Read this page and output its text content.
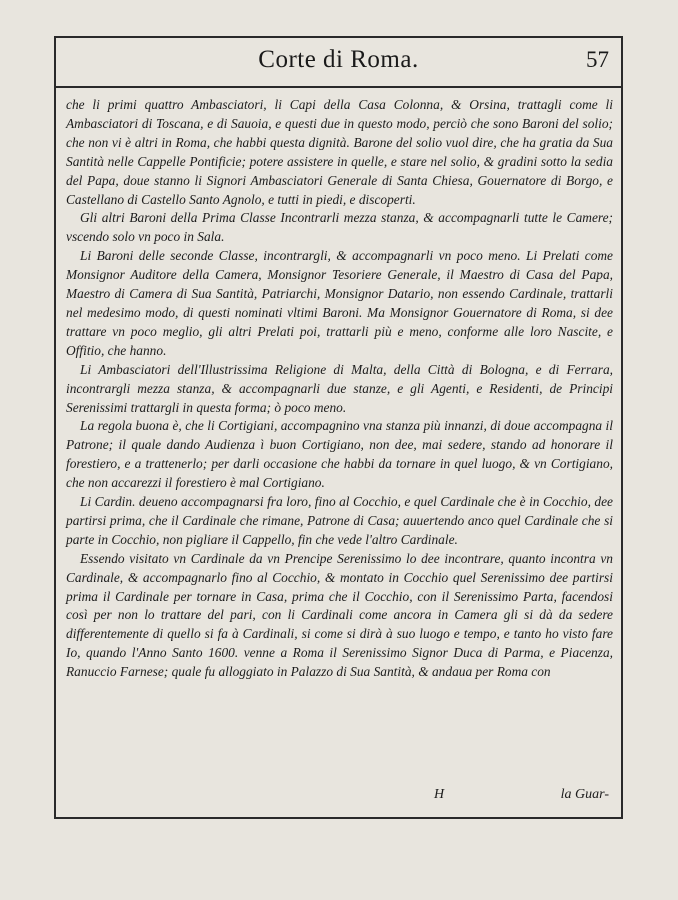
Corte di Roma.	57

che li primi quattro Ambasciatori, li Capi della Casa Colonna, & Orsina, trattagli come li Ambasciatori di Toscana, e di Sauoia, e questi due in questo modo, perciò che sono Baroni del solio; che non vi è altri in Roma, che habbi questa dignità. Barone del solio vuol dire, che ha gratia da Sua Santità nelle Cappelle Pontificie; potere assistere in quelle, e stare nel solio, & gradini sotto la sedia del Papa, doue stanno li Signori Ambasciatori Generale di Santa Chiesa, Gouernatore di Borgo, e Castellano di Castello Santo Agnolo, e tutti in piedi, e discoperti.

Gli altri Baroni della Prima Classe Incontrarli mezza stanza, & accompagnarli tutte le Camere; vscendo solo vn poco in Sala.

Li Baroni delle seconde Classe, incontrargli, & accompagnarli vn poco meno. Li Prelati come Monsignor Auditore della Camera, Monsignor Tesoriere Generale, il Maestro di Casa del Papa, Maestro di Camera di Sua Santità, Patriarchi, Monsignor Datario, non essendo Cardinale, trattarli nel medesimo modo, di questi nominati vltimi Baroni. Ma Monsignor Gouernatore di Roma, si dee trattare vn poco meglio, gli altri Prelati poi, trattarli più e meno, conforme alle loro Nascite, e Offitio, che hanno.

Li Ambasciatori dell'Illustrissima Religione di Malta, della Città di Bologna, e di Ferrara, incontrargli mezza stanza, & accompagnarli due stanze, e gli Agenti, e Residenti, de Principi Serenissimi trattargli in questa forma; ò poco meno.

La regola buona è, che li Cortigiani, accompagnino vna stanza più innanzi, di doue accompagna il Patrone; il quale dando Audienza ì buon Cortigiano, non dee, mai sedere, stando ad honorare il forestiero, e a trattenerlo; per darli occasione che habbi da tornare in quel luogo, & vn Cortigiano, che non accarezzi il forestiero è mal Cortigiano.

Li Cardin. deueno accompagnarsi fra loro, fino al Cocchio, e quel Cardinale che è in Cocchio, dee partirsi prima, che il Cardinale che rimane, Patrone di Casa; auuertendo anco quel Cardinale che si parte in Cocchio, non pigliare il Cappello, fin che vede l'altro Cardinale.

Essendo visitato vn Cardinale da vn Prencipe Serenissimo lo dee incontrare, quanto incontra vn Cardinale, & accompagnarlo fino al Cocchio, & montato in Cocchio quel Serenissimo dee partirsi prima il Cardinale per tornare in Casa, prima che il Cocchio, con il Serenissimo Parta, facendosi così per non lo trattare del pari, con li Cardinali come ancora in Camera gli si dà da sedere differentemente di quello si fa à Cardinali, si come si dirà à suo luogo e tempo, e tanto ho visto fare Io, quando l'Anno Santo 1600. venne a Roma il Serenissimo Signor Duca di Parma, e Piacenza, Ranuccio Farnese; quale fu alloggiato in Palazzo di Sua Santità, & andaua per Roma con

H	la Guar-
